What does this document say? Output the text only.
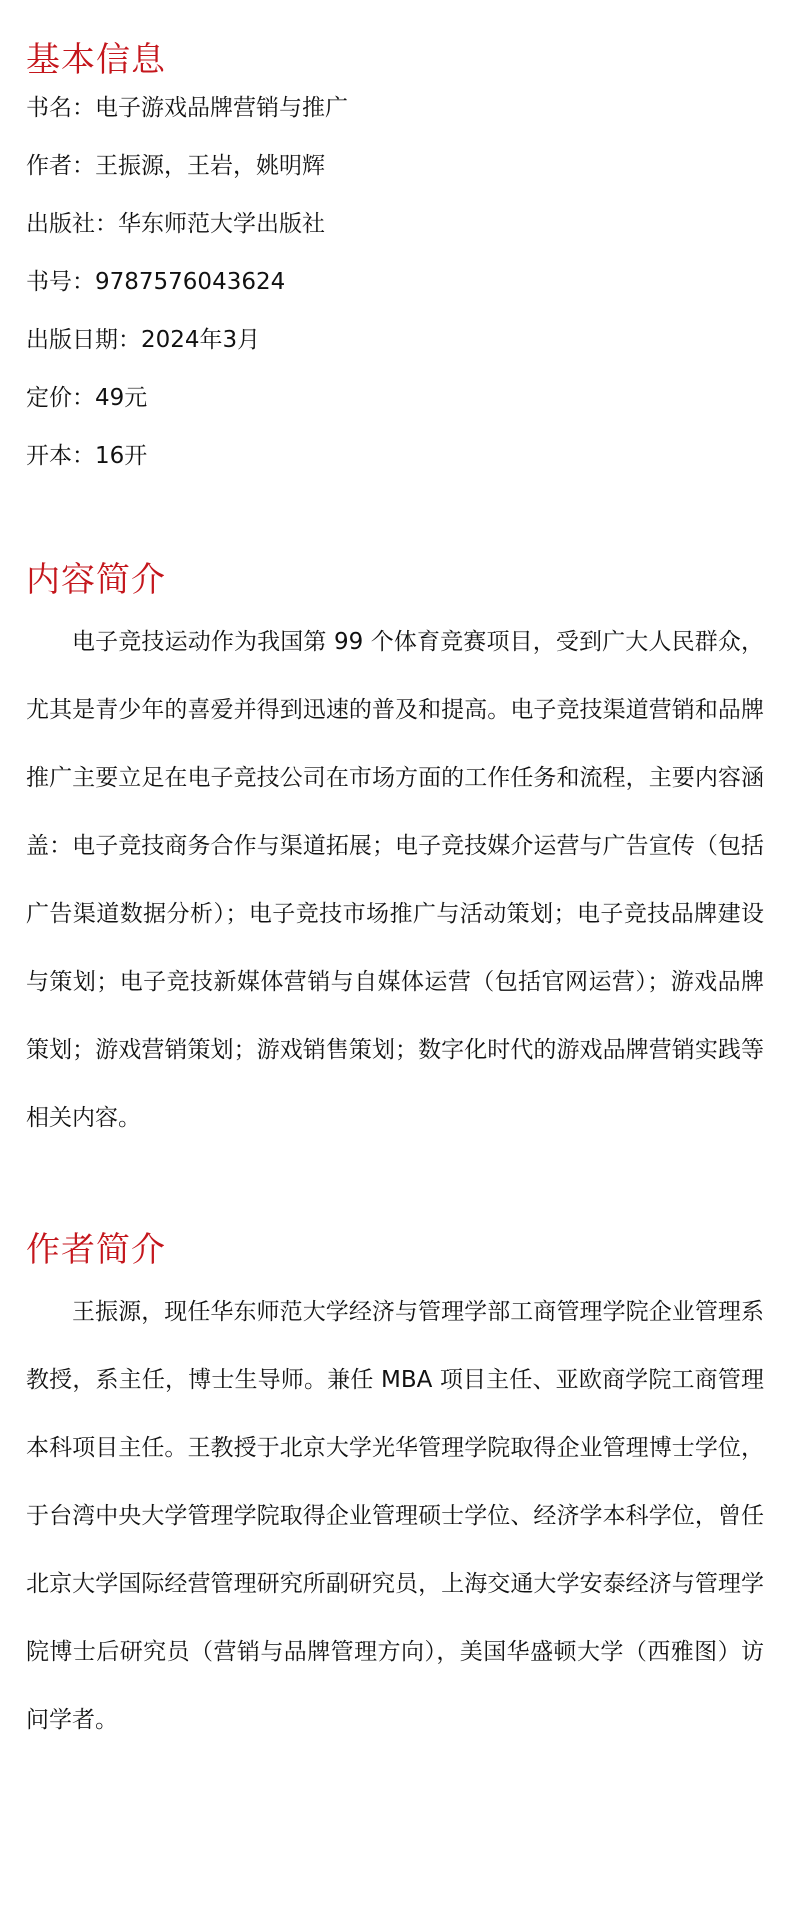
基本信息
书名：电子游戏品牌营销与推广
作者：王振源，王岩，姚明辉
出版社：华东师范大学出版社
书号：9787576043624
出版日期：2024年3月
定价：49元
开本：16开
内容简介

电子竞技运动作为我国第 99 个体育竞赛项目，受到广大人民群众，尤其是青少年的喜爱并得到迅速的普及和提高。电子竞技渠道营销和品牌推广主要立足在电子竞技公司在市场方面的工作任务和流程，主要内容涵盖：电子竞技商务合作与渠道拓展；电子竞技媒介运营与广告宣传（包括广告渠道数据分析）；电子竞技市场推广与活动策划；电子竞技品牌建设与策划；电子竞技新媒体营销与自媒体运营（包括官网运营）；游戏品牌策划；游戏营销策划；游戏销售策划；数字化时代的游戏品牌营销实践等相关内容。

作者简介

王振源，现任华东师范大学经济与管理学部工商管理学院企业管理系教授，系主任，博士生导师。兼任 MBA 项目主任、亚欧商学院工商管理本科项目主任。王教授于北京大学光华管理学院取得企业管理博士学位，于台湾中央大学管理学院取得企业管理硕士学位、经济学本科学位，曾任北京大学国际经营管理研究所副研究员，上海交通大学安泰经济与管理学院博士后研究员（营销与品牌管理方向），美国华盛顿大学（西雅图）访问学者。
